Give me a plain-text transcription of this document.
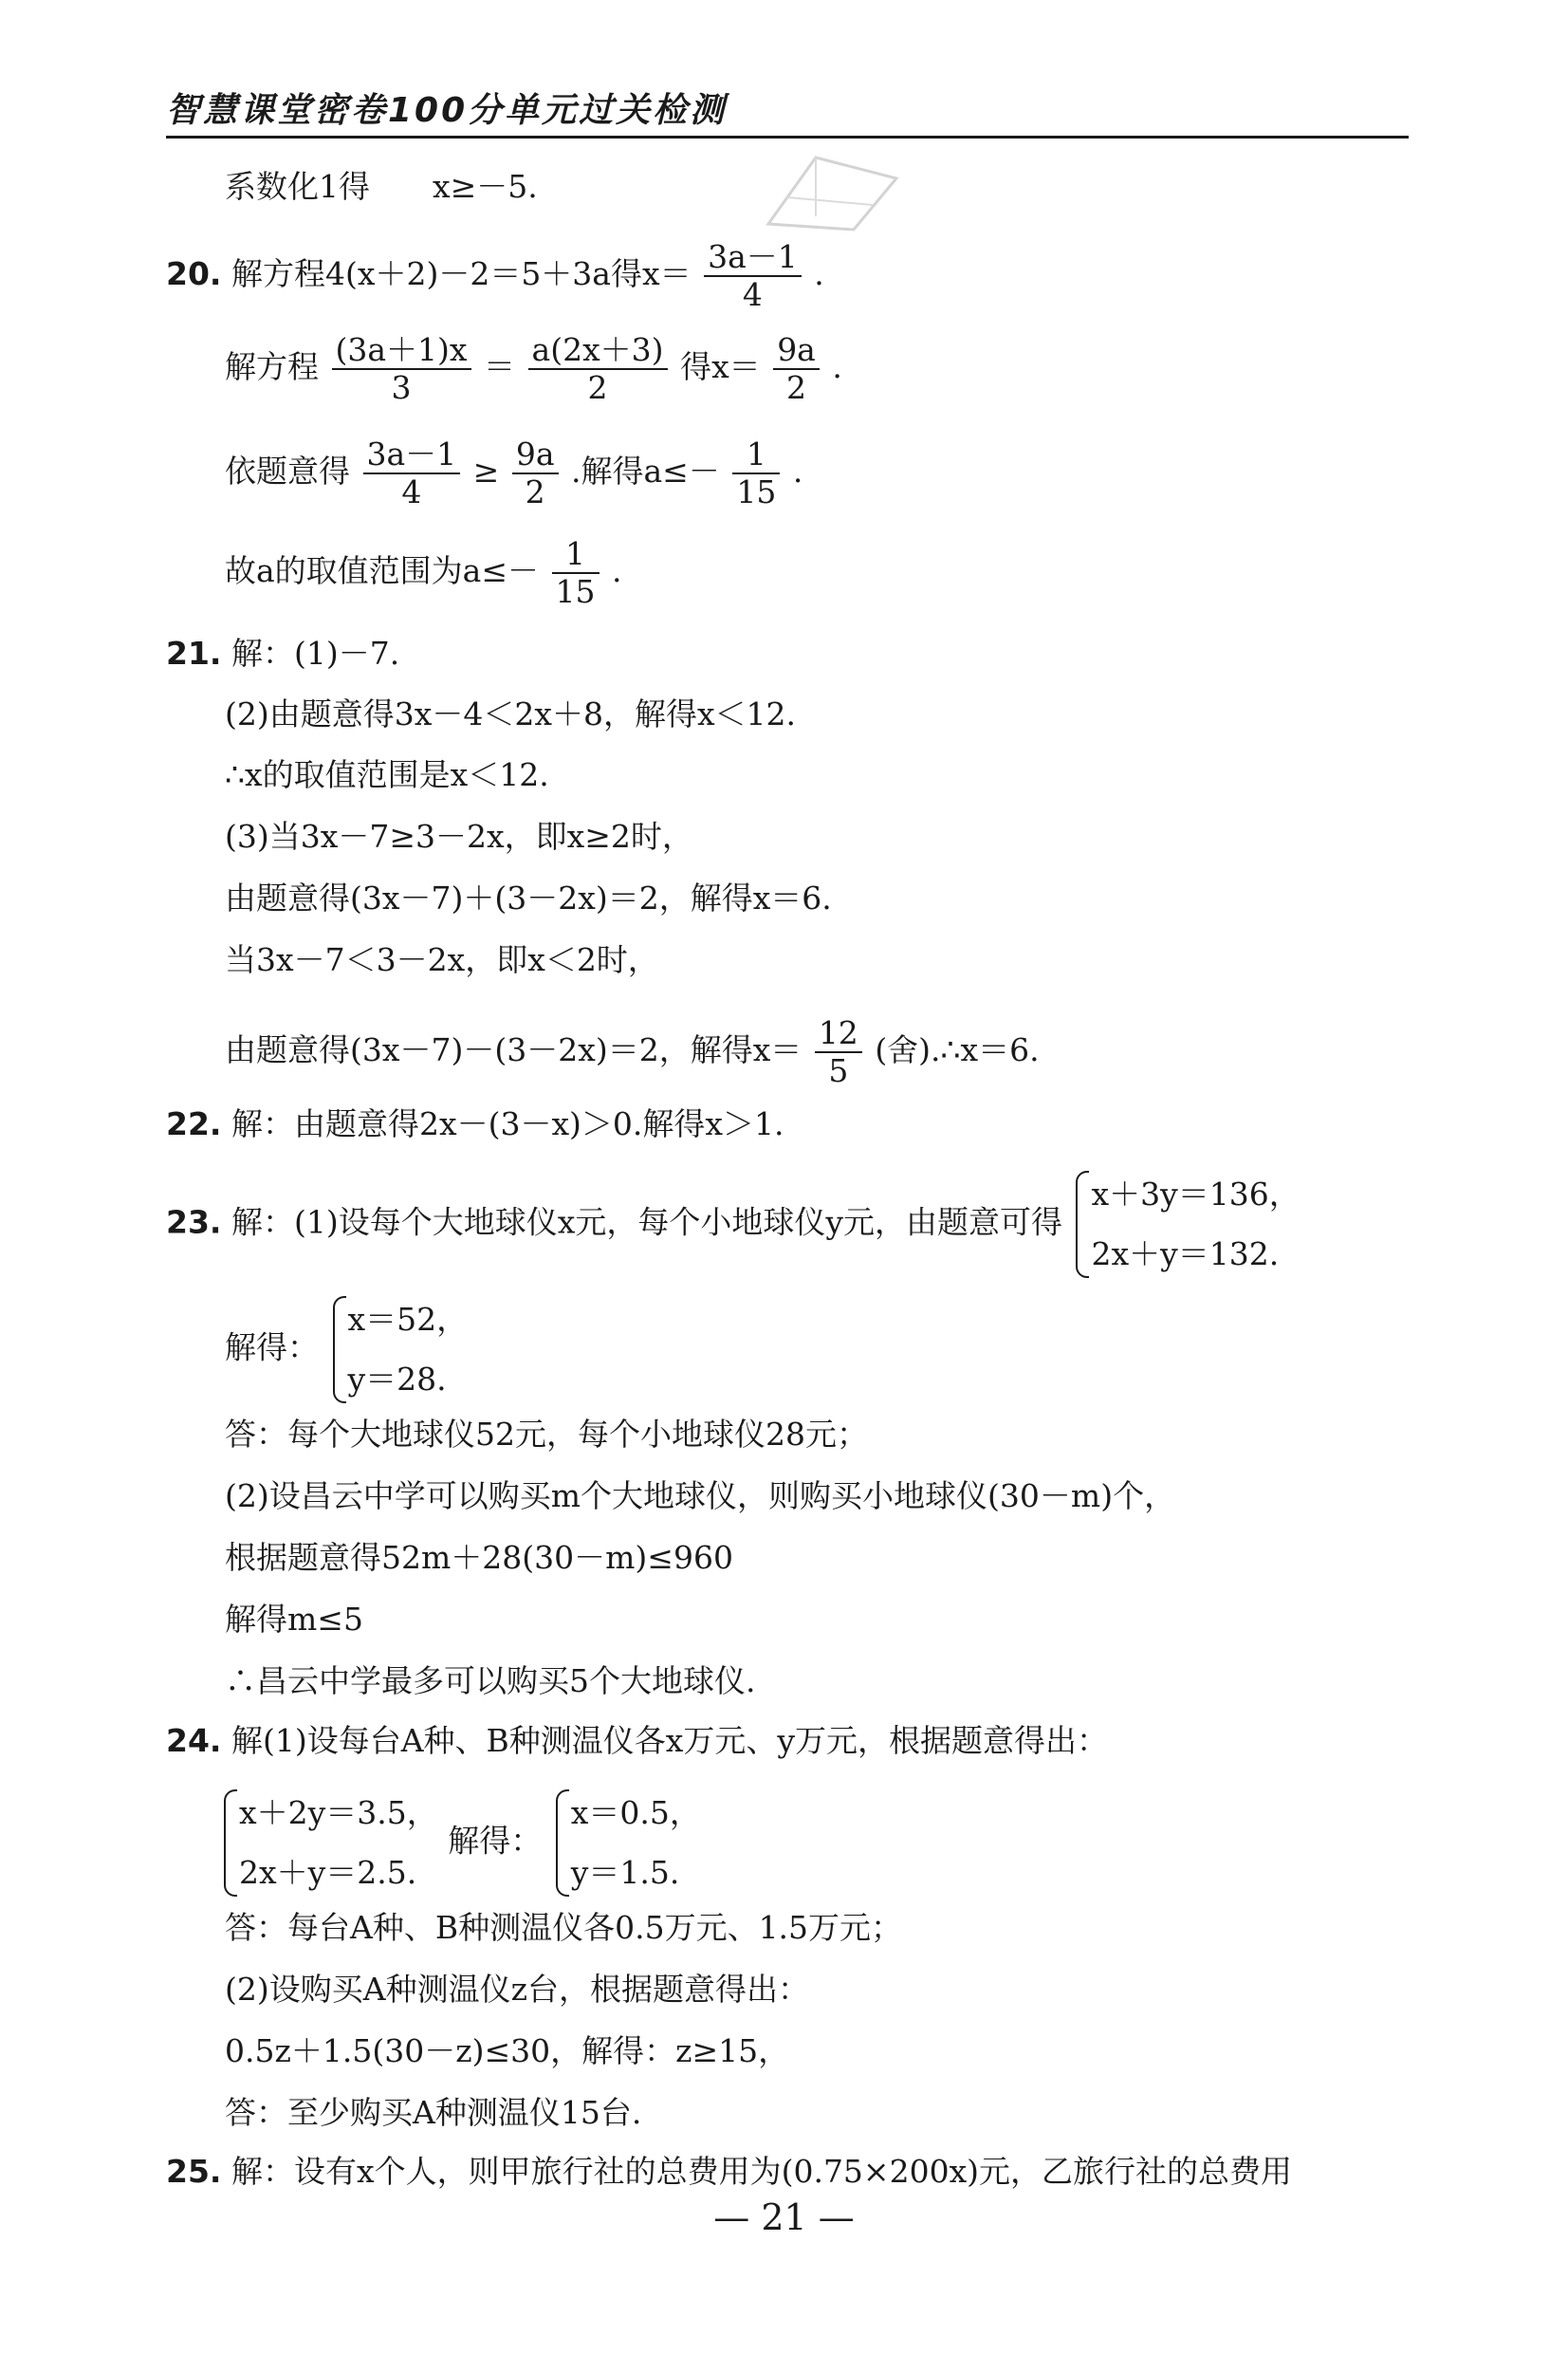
智慧课堂密卷100分单元过关检测
系数化1得　　x≥－5.
20. 解方程4(x＋2)－2＝5＋3a得$x= \frac{3a-1}{4}$ .
解方程 $\frac{(3a+1)x}{3} = \frac{a(2x+3)}{2}$ 得$x= \frac{9a}{2}$ .
依题意得 $\frac{3a-1}{4} \ge \frac{9a}{2}$ .解得$a\le- \frac{1}{15}$ .
故a的取值范围为$a\le- \frac{1}{15}$ .
21. 解：(1)－7.
(2)由题意得3x－4＜2x＋8，解得x＜12.
∴x的取值范围是x＜12.
(3)当3x－7≥3－2x，即x≥2时，
由题意得(3x－7)＋(3－2x)＝2，解得x＝6.
当3x－7＜3－2x，即x＜2时，
由题意得(3x－7)－(3－2x)＝2，解得$x= \frac{12}{5}$ (舍).∴x＝6.
22. 解：由题意得2x－(3－x)＞0.解得x＞1.
23. 解：(1)设每个大地球仪x元，每个小地球仪y元，由题意可得
x＋3y＝136，
2x＋y＝132.
解得：
x＝52，
y＝28.
答：每个大地球仪52元，每个小地球仪28元；
(2)设昌云中学可以购买m个大地球仪，则购买小地球仪(30－m)个，
根据题意得52m＋28(30－m)≤960
解得m≤5
∴昌云中学最多可以购买5个大地球仪.
24. 解(1)设每台A种、B种测温仪各x万元、y万元，根据题意得出：
x＋2y＝3.5，
2x＋y＝2.5.
解得：
x＝0.5，
y＝1.5.
答：每台A种、B种测温仪各0.5万元、1.5万元；
(2)设购买A种测温仪z台，根据题意得出：
0.5z＋1.5(30－z)≤30，解得：z≥15，
答：至少购买A种测温仪15台.
25. 解：设有x个人，则甲旅行社的总费用为(0.75×200x)元，乙旅行社的总费用
— 21 —
